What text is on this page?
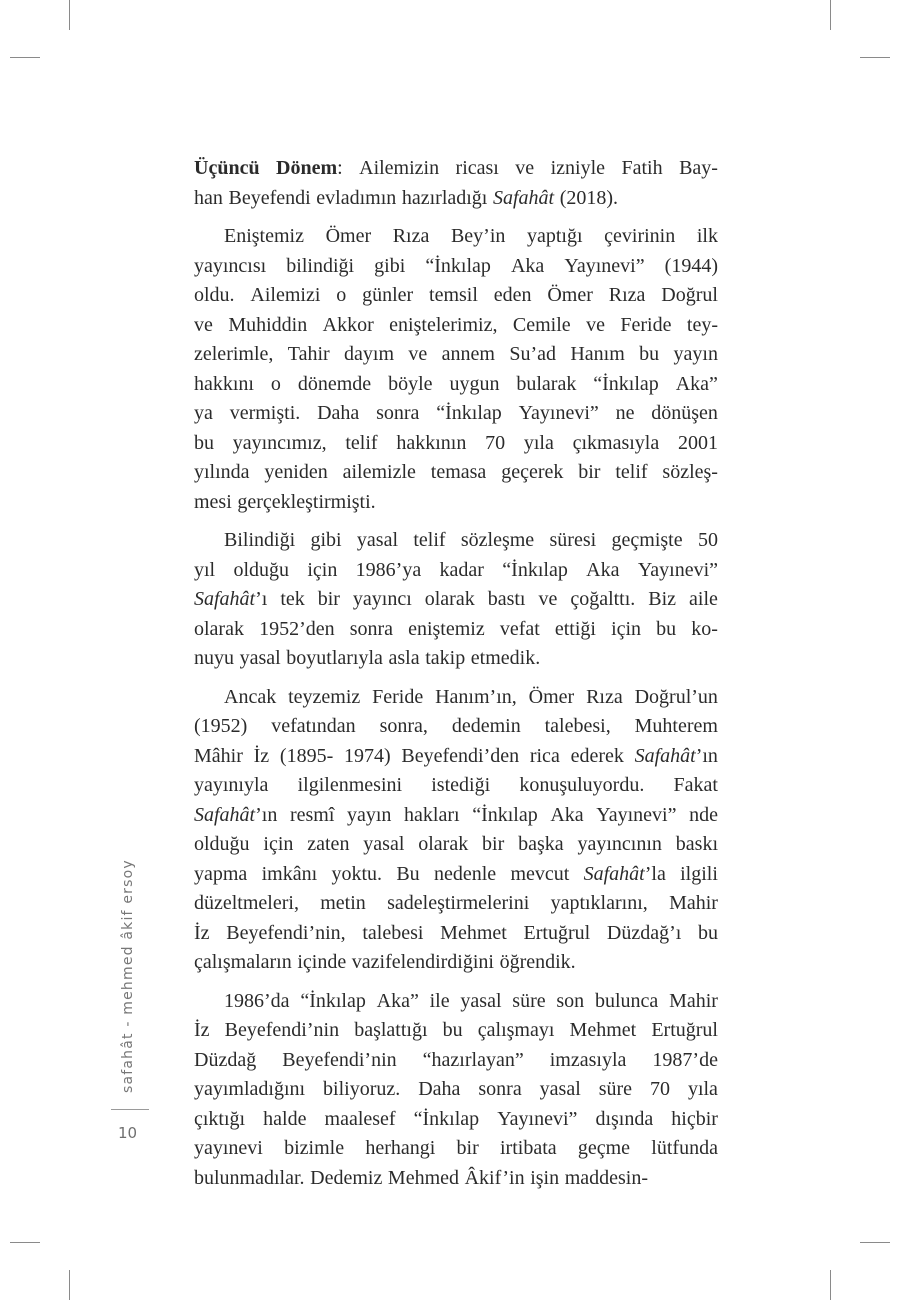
Üçüncü Dönem: Ailemizin ricası ve izniyle Fatih Bay-
han Beyefendi evladımın hazırladığı Safahât (2018).
Eniştemiz Ömer Rıza Bey’in yaptığı çevirinin ilk
yayıncısı bilindiği gibi “İnkılap Aka Yayınevi” (1944)
oldu. Ailemizi o günler temsil eden Ömer Rıza Doğrul
ve Muhiddin Akkor eniştelerimiz, Cemile ve Feride tey-
zelerimle, Tahir dayım ve annem Su’ad Hanım bu yayın
hakkını o dönemde böyle uygun bularak “İnkılap Aka”
ya vermişti. Daha sonra “İnkılap Yayınevi” ne dönüşen
bu yayıncımız, telif hakkının 70 yıla çıkmasıyla 2001
yılında yeniden ailemizle temasa geçerek bir telif sözleş-
mesi gerçekleştirmişti.
Bilindiği gibi yasal telif sözleşme süresi geçmişte 50
yıl olduğu için 1986’ya kadar “İnkılap Aka Yayınevi”
Safahât’ı tek bir yayıncı olarak bastı ve çoğalttı. Biz aile
olarak 1952’den sonra eniştemiz vefat ettiği için bu ko-
nuyu yasal boyutlarıyla asla takip etmedik.
Ancak teyzemiz Feride Hanım’ın, Ömer Rıza Doğrul’un
(1952) vefatından sonra, dedemin talebesi, Muhterem
Mâhir İz (1895- 1974) Beyefendi’den rica ederek Safahât’ın
yayınıyla ilgilenmesini istediği konuşuluyordu. Fakat
Safahât’ın resmî yayın hakları “İnkılap Aka Yayınevi” nde
olduğu için zaten yasal olarak bir başka yayıncının baskı
yapma imkânı yoktu. Bu nedenle mevcut Safahât’la ilgili
düzeltmeleri, metin sadeleştirmelerini yaptıklarını, Mahir
İz Beyefendi’nin, talebesi Mehmet Ertuğrul Düzdağ’ı bu
çalışmaların içinde vazifelendirdiğini öğrendik.
1986’da “İnkılap Aka” ile yasal süre son bulunca Mahir
İz Beyefendi’nin başlattığı bu çalışmayı Mehmet Ertuğrul
Düzdağ Beyefendi’nin “hazırlayan” imzasıyla 1987’de
yayımladığını biliyoruz. Daha sonra yasal süre 70 yıla
çıktığı halde maalesef “İnkılap Yayınevi” dışında hiçbir
yayınevi bizimle herhangi bir irtibata geçme lütfunda
bulunmadılar. Dedemiz Mehmed Âkif’in işin maddesin-
safahât - mehmed âkif ersoy
10
